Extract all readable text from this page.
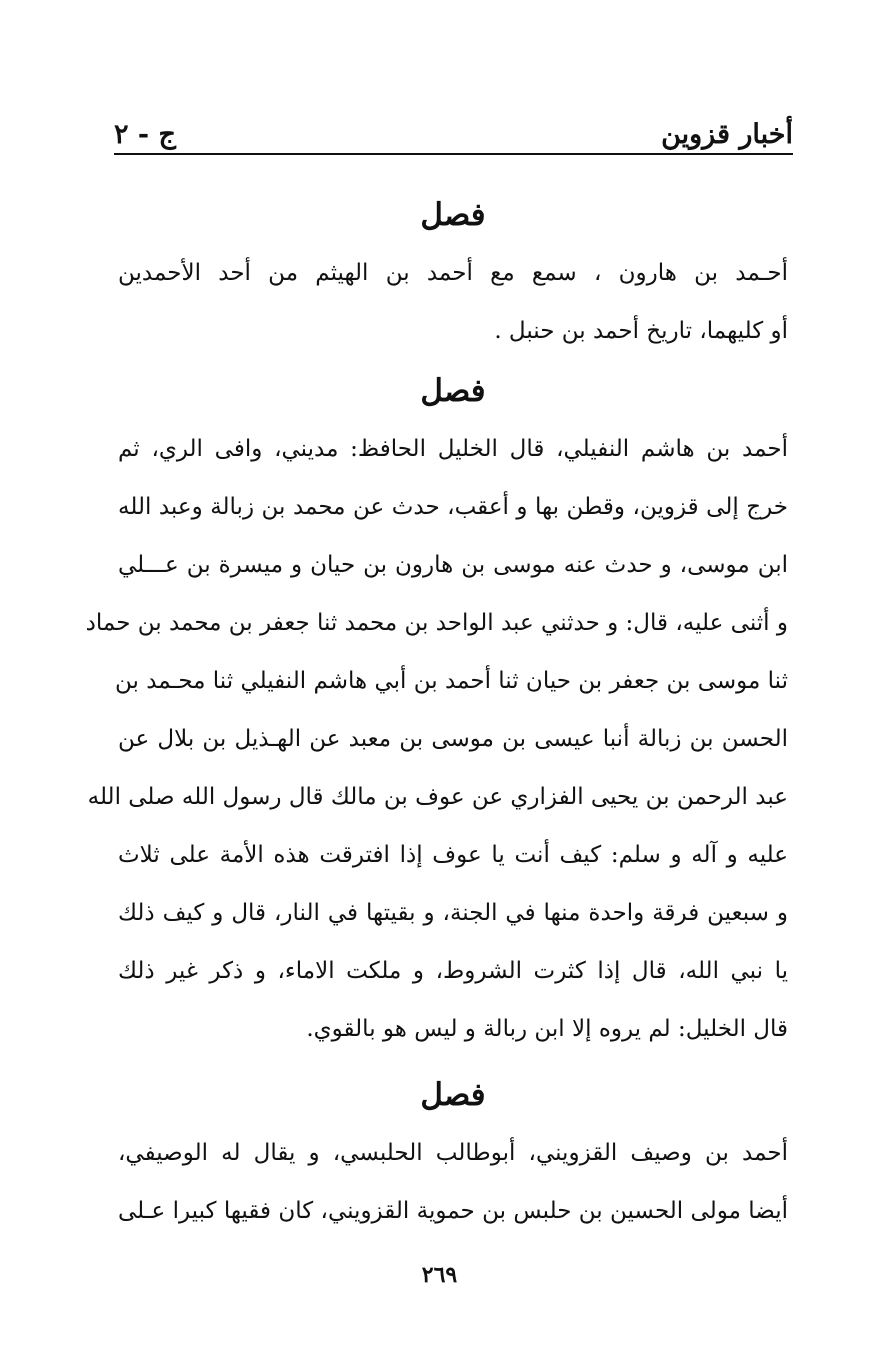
أخبار قزوين
ج - ٢
فصل
أحـمد بن هارون ، سمع مع أحمد بن الهيثم من أحد الأحمدين
أو كليهما، تاريخ أحمد بن حنبل .
فصل
أحمد بن هاشم النفيلي، قال الخليل الحافظ: مديني، وافى الري، ثم
خرج إلى قزوين، وقطن بها و أعقب، حدث عن محمد بن زبالة وعبد الله
ابن موسى، و حدث عنه موسى بن هارون بن حيان و ميسرة بن عـــلي
و أثنى عليه، قال: و حدثني عبد الواحد بن محمد ثنا جعفر بن محمد بن حماد
ثنا موسى بن جعفر بن حيان ثنا أحمد بن أبي هاشم النفيلي ثنا محـمد بن
الحسن بن زبالة أنبا عيسى بن موسى بن معبد عن الهـذيل بن بلال عن
عبد الرحمن بن يحيى الفزاري عن عوف بن مالك قال رسول الله صلى الله
عليه و آله و سلم: كيف أنت يا عوف إذا افترقت هذه الأمة على ثلاث
و سبعين فرقة واحدة منها في الجنة، و بقيتها في النار، قال و كيف ذلك
يا نبي الله، قال إذا كثرت الشروط، و ملكت الاماء، و ذكر غير ذلك
قال الخليل: لم يروه إلا ابن ربالة و ليس هو بالقوي.
فصل
أحمد بن وصيف القزويني، أبوطالب الحلبسي، و يقال له الوصيفي،
أيضا مولى الحسين بن حلبس بن حموية القزويني، كان فقيها كبيرا عـلى
٢٦٩
